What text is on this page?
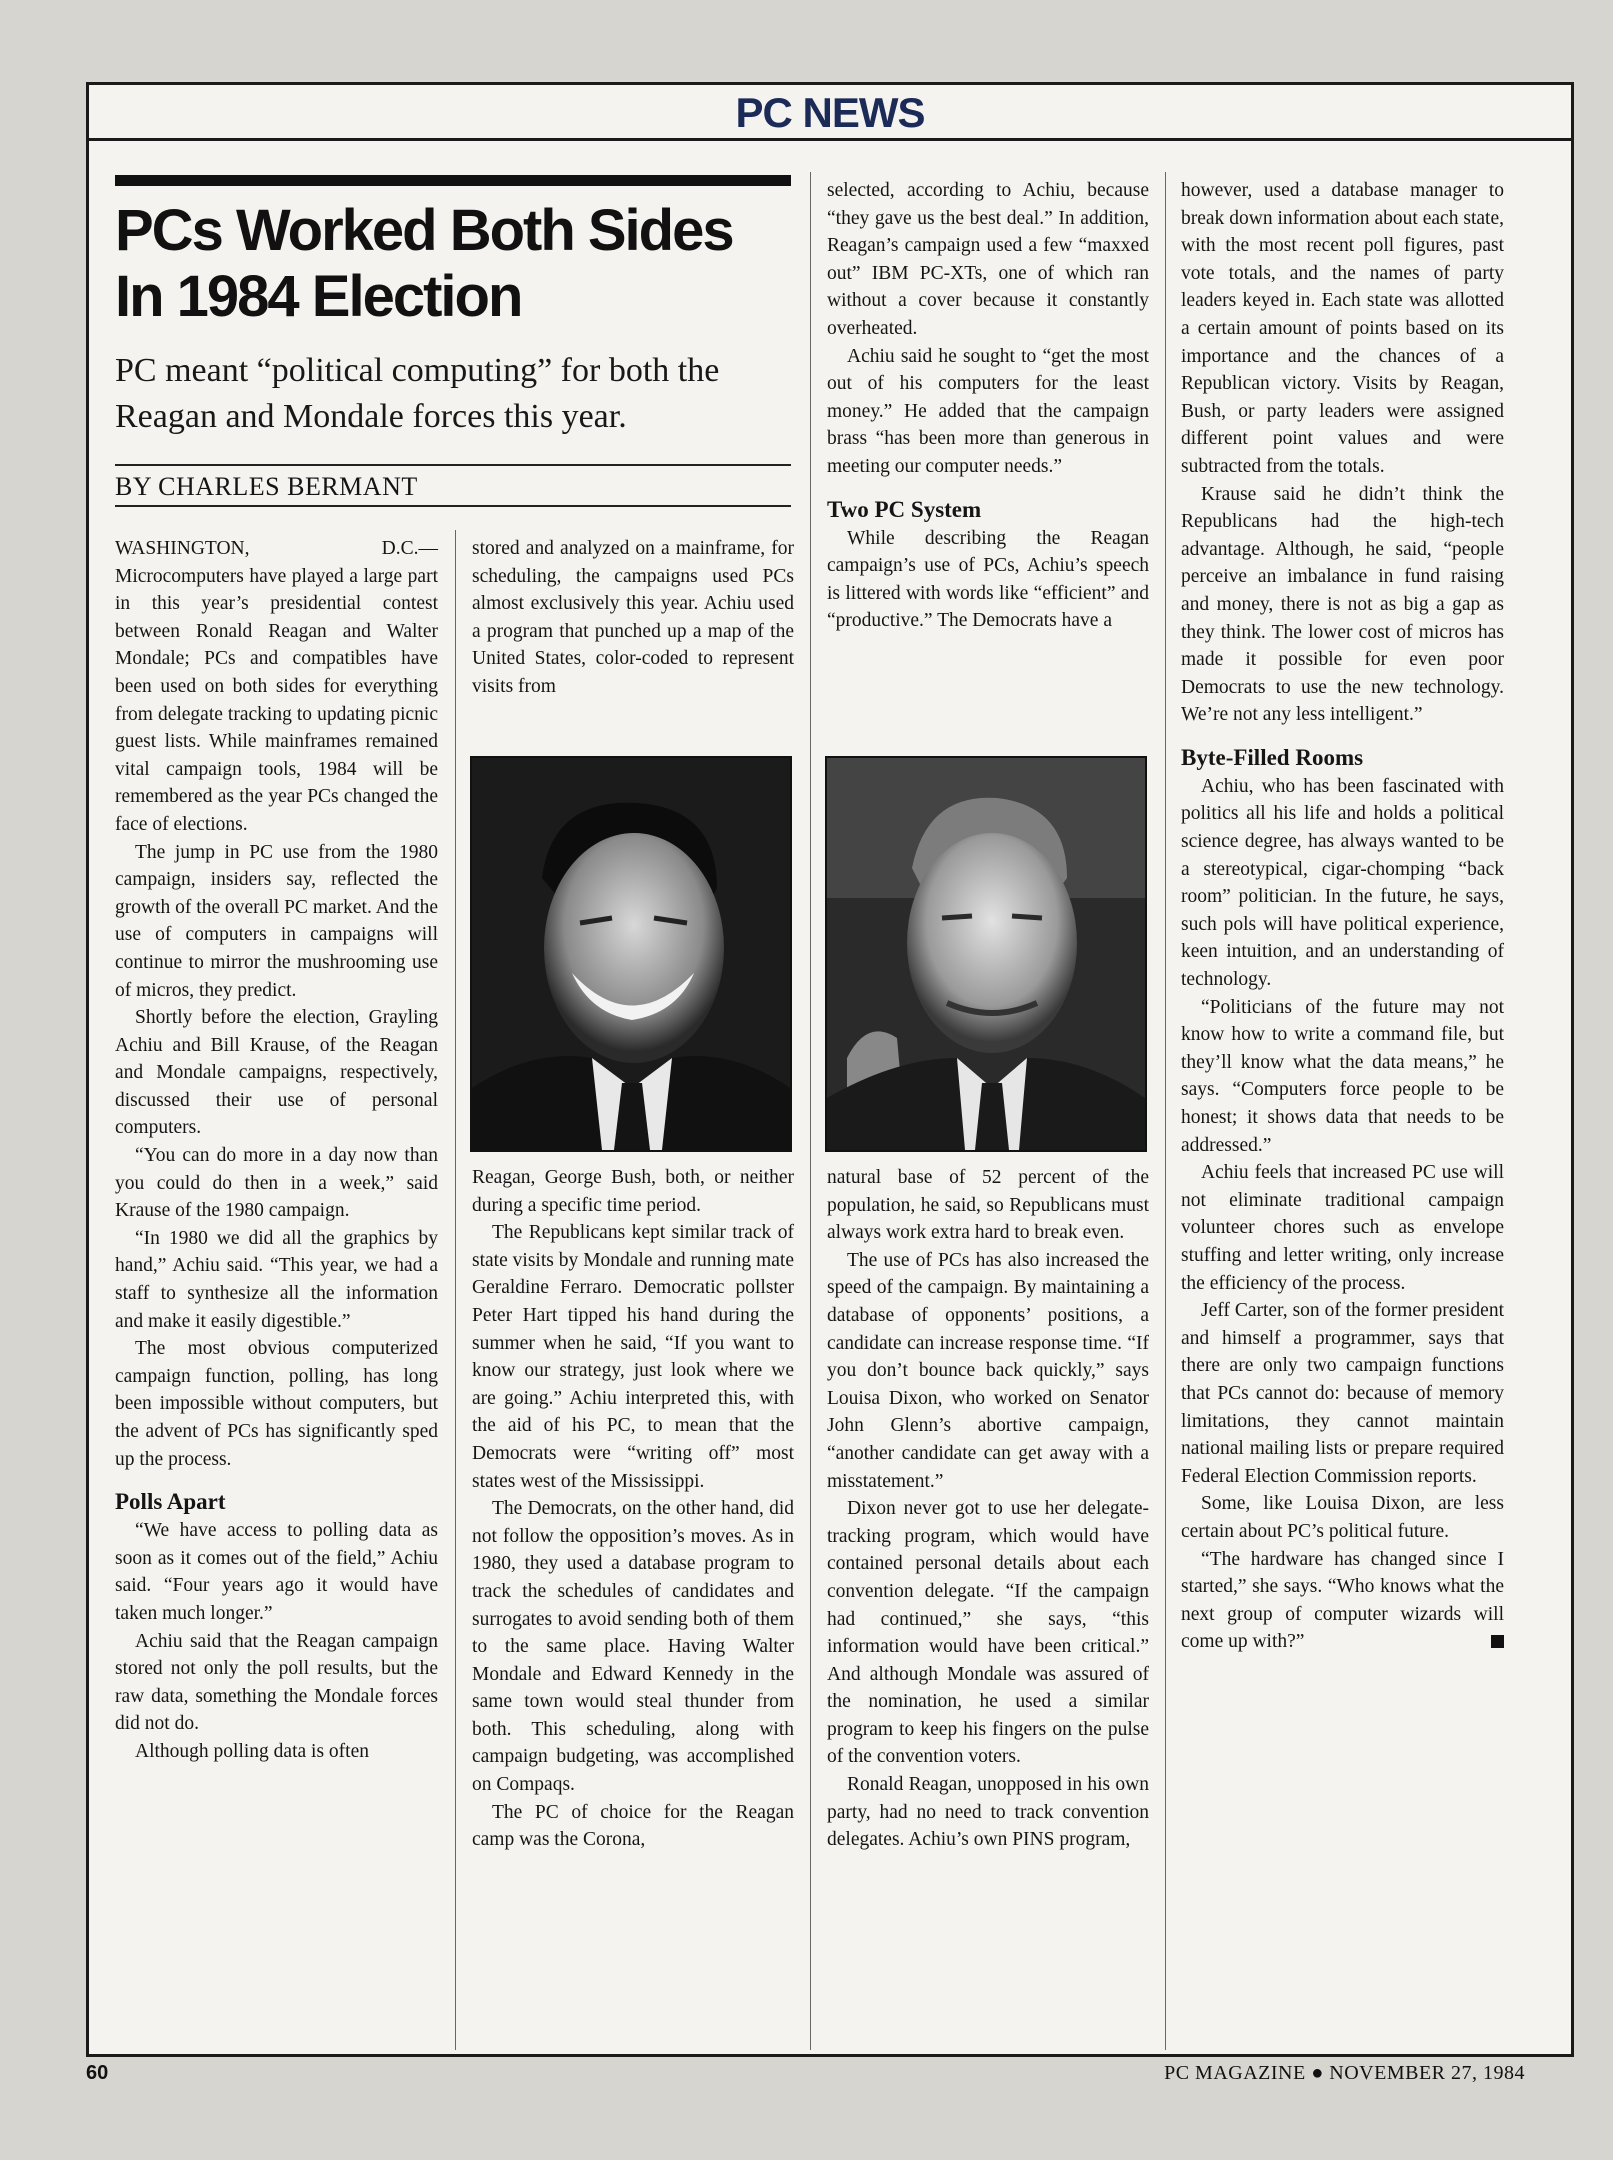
PC NEWS
PCs Worked Both Sides
In 1984 Election

PC meant “political computing” for both the Reagan and Mondale forces this year.

BY CHARLES BERMANT

WASHINGTON, D.C.—Microcomputers have played a large part in this year’s presidential contest between Ronald Reagan and Walter Mondale; PCs and compatibles have been used on both sides for everything from delegate tracking to updating picnic guest lists. While mainframes remained vital campaign tools, 1984 will be remembered as the year PCs changed the face of elections.

The jump in PC use from the 1980 campaign, insiders say, reflected the growth of the overall PC market. And the use of computers in campaigns will continue to mirror the mushrooming use of micros, they predict.

Shortly before the election, Grayling Achiu and Bill Krause, of the Reagan and Mondale campaigns, respectively, discussed their use of personal computers.

“You can do more in a day now than you could do then in a week,” said Krause of the 1980 campaign.

“In 1980 we did all the graphics by hand,” Achiu said. “This year, we had a staff to synthesize all the information and make it easily digestible.”

The most obvious computerized campaign function, polling, has long been impossible without computers, but the advent of PCs has significantly sped up the process.

Polls Apart

“We have access to polling data as soon as it comes out of the field,” Achiu said. “Four years ago it would have taken much longer.”

Achiu said that the Reagan campaign stored not only the poll results, but the raw data, something the Mondale forces did not do.

Although polling data is often

stored and analyzed on a mainframe, for scheduling, the campaigns used PCs almost exclusively this year. Achiu used a program that punched up a map of the United States, color-coded to represent visits from

Reagan, George Bush, both, or neither during a specific time period.

The Republicans kept similar track of state visits by Mondale and running mate Geraldine Ferraro. Democratic pollster Peter Hart tipped his hand during the summer when he said, “If you want to know our strategy, just look where we are going.” Achiu interpreted this, with the aid of his PC, to mean that the Democrats were “writing off” most states west of the Mississippi.

The Democrats, on the other hand, did not follow the opposition’s moves. As in 1980, they used a database program to track the schedules of candidates and surrogates to avoid sending both of them to the same place. Having Walter Mondale and Edward Kennedy in the same town would steal thunder from both. This scheduling, along with campaign budgeting, was accomplished on Compaqs.

The PC of choice for the Reagan camp was the Corona,

selected, according to Achiu, because “they gave us the best deal.” In addition, Reagan’s campaign used a few “maxxed out” IBM PC-XTs, one of which ran without a cover because it constantly overheated.

Achiu said he sought to “get the most out of his computers for the least money.” He added that the campaign brass “has been more than generous in meeting our computer needs.”

Two PC System

While describing the Reagan campaign’s use of PCs, Achiu’s speech is littered with words like “efficient” and “productive.” The Democrats have a

natural base of 52 percent of the population, he said, so Republicans must always work extra hard to break even.

The use of PCs has also increased the speed of the campaign. By maintaining a database of opponents’ positions, a candidate can increase response time. “If you don’t bounce back quickly,” says Louisa Dixon, who worked on Senator John Glenn’s abortive campaign, “another candidate can get away with a misstatement.”

Dixon never got to use her delegate-tracking program, which would have contained personal details about each convention delegate. “If the campaign had continued,” she says, “this information would have been critical.” And although Mondale was assured of the nomination, he used a similar program to keep his fingers on the pulse of the convention voters.

Ronald Reagan, unopposed in his own party, had no need to track convention delegates. Achiu’s own PINS program,

however, used a database manager to break down information about each state, with the most recent poll figures, past vote totals, and the names of party leaders keyed in. Each state was allotted a certain amount of points based on its importance and the chances of a Republican victory. Visits by Reagan, Bush, or party leaders were assigned different point values and were subtracted from the totals.

Krause said he didn’t think the Republicans had the high-tech advantage. Although, he said, “people perceive an imbalance in fund raising and money, there is not as big a gap as they think. The lower cost of micros has made it possible for even poor Democrats to use the new technology. We’re not any less intelligent.”

Byte-Filled Rooms

Achiu, who has been fascinated with politics all his life and holds a political science degree, has always wanted to be a stereotypical, cigar-chomping “back room” politician. In the future, he says, such pols will have political experience, keen intuition, and an understanding of technology.

“Politicians of the future may not know how to write a command file, but they’ll know what the data means,” he says. “Computers force people to be honest; it shows data that needs to be addressed.”

Achiu feels that increased PC use will not eliminate traditional campaign volunteer chores such as envelope stuffing and letter writing, only increase the efficiency of the process.

Jeff Carter, son of the former president and himself a programmer, says that there are only two campaign functions that PCs cannot do: because of memory limitations, they cannot maintain national mailing lists or prepare required Federal Election Commission reports.

Some, like Louisa Dixon, are less certain about PC’s political future.

“The hardware has changed since I started,” she says. “Who knows what the next group of computer wizards will come up with?”

60	PC MAGAZINE ● NOVEMBER 27, 1984
